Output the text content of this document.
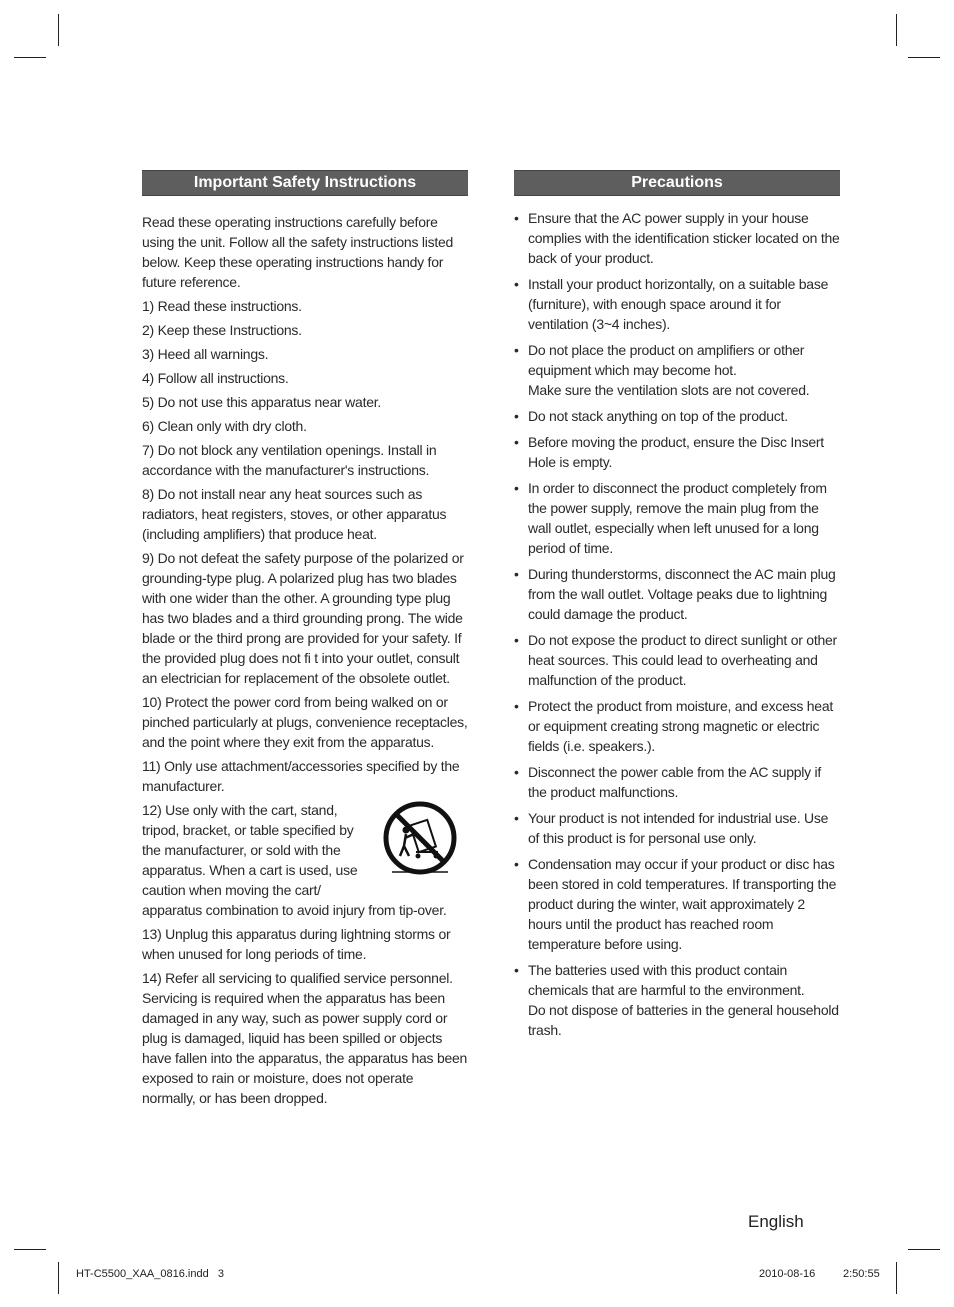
Important Safety Instructions
Read these operating instructions carefully before using the unit. Follow all the safety instructions listed below. Keep these operating instructions handy for future reference.
1) Read these instructions.
2) Keep these Instructions.
3) Heed all warnings.
4) Follow all instructions.
5) Do not use this apparatus near water.
6) Clean only with dry cloth.
7) Do not block any ventilation openings. Install in accordance with the manufacturer's instructions.
8) Do not install near any heat sources such as radiators, heat registers, stoves, or other apparatus (including amplifiers) that produce heat.
9) Do not defeat the safety purpose of the polarized or grounding-type plug. A polarized plug has two blades with one wider than the other. A grounding type plug has two blades and a third grounding prong. The wide blade or the third prong are provided for your safety. If the provided plug does not fi t into your outlet, consult an electrician for replacement of the obsolete outlet.
10) Protect the power cord from being walked on or pinched particularly at plugs, convenience receptacles, and the point where they exit from the apparatus.
11) Only use attachment/accessories specified by the manufacturer.
12) Use only with the cart, stand, tripod, bracket, or table specified by the manufacturer, or sold with the apparatus. When a cart is used, use caution when moving the cart/
apparatus combination to avoid injury from tip-over.
13) Unplug this apparatus during lightning storms or when unused for long periods of time.
14) Refer all servicing to qualified service personnel. Servicing is required when the apparatus has been damaged in any way, such as power supply cord or plug is damaged, liquid has been spilled or objects have fallen into the apparatus, the apparatus has been exposed to rain or moisture, does not operate normally, or has been dropped.
Precautions
• Ensure that the AC power supply in your house complies with the identification sticker located on the back of your product.
• Install your product horizontally, on a suitable base (furniture), with enough space around it for ventilation (3~4 inches).
• Do not place the product on amplifiers or other equipment which may become hot.
Make sure the ventilation slots are not covered.
• Do not stack anything on top of the product.
• Before moving the product, ensure the Disc Insert Hole is empty.
• In order to disconnect the product completely from the power supply, remove the main plug from the wall outlet, especially when left unused for a long period of time.
• During thunderstorms, disconnect the AC main plug from the wall outlet. Voltage peaks due to lightning could damage the product.
• Do not expose the product to direct sunlight or other heat sources. This could lead to overheating and malfunction of the product.
• Protect the product from moisture, and excess heat or equipment creating strong magnetic or electric fields (i.e. speakers.).
• Disconnect the power cable from the AC supply if the product malfunctions.
• Your product is not intended for industrial use. Use of this product is for personal use only.
• Condensation may occur if your product or disc has been stored in cold temperatures. If transporting the product during the winter, wait approximately 2 hours until the product has reached room temperature before using.
• The batteries used with this product contain chemicals that are harmful to the environment.
Do not dispose of batteries in the general household trash.
English
HT-C5500_XAA_0816.indd   3	2010-08-16	2:50:55
